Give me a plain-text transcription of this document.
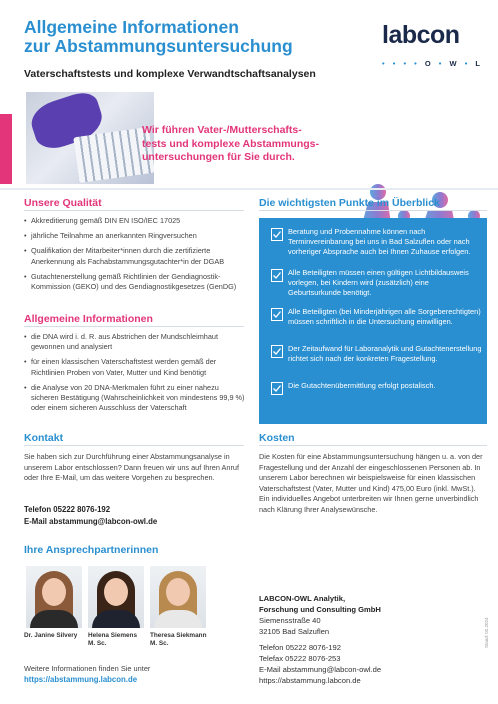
Allgemeine Informationen
zur Abstammungsuntersuchung
Vaterschaftstests und komplexe Verwandtschaftsanalysen
labcon
• • • • O • W • L
Wir führen Vater-/Mutterschafts-
tests und komplexe Abstammungs-
untersuchungen für Sie durch.
Unsere Qualität
• Akkreditierung gemäß DIN EN ISO/IEC 17025
• jährliche Teilnahme an anerkannten Ringversuchen
• Qualifikation der Mitarbeiter*innen durch die zertifizierte Anerkennung als Fachabstammungsgutachter*in der DGAB
• Gutachtenerstellung gemäß Richtlinien der Gendiagnostik-Kommission (GEKO) und des Gendiagnostikgesetzes (GenDG)
Allgemeine Informationen
• die DNA wird i. d. R. aus Abstrichen der Mundschleimhaut gewonnen und analysiert
• für einen klassischen Vaterschaftstest werden gemäß der Richtlinien Proben von Vater, Mutter und Kind benötigt
• die Analyse von 20 DNA-Merkmalen führt zu einer nahezu sicheren Bestätigung (Wahrscheinlichkeit von mindestens 99,9 %) oder einem sicheren Ausschluss der Vaterschaft
Die wichtigsten Punkte im Überblick
Beratung und Probennahme können nach Terminvereinbarung bei uns in Bad Salzuflen oder nach vorheriger Absprache auch bei Ihnen Zuhause erfolgen.
Alle Beteiligten müssen einen gültigen Lichtbildausweis vorlegen, bei Kindern wird (zusätzlich) eine Geburtsurkunde benötigt.
Alle Beteiligten (bei Minderjährigen alle Sorgeberechtigten) müssen schriftlich in die Untersuchung einwilligen.
Der Zeitaufwand für Laboranalytik und Gutachtenerstellung richtet sich nach der konkreten Fragestellung.
Die Gutachtenübermittlung erfolgt postalisch.
Kontakt
Sie haben sich zur Durchführung einer Abstammungsanalyse in unserem Labor entschlossen? Dann freuen wir uns auf Ihren Anruf oder Ihre E-Mail, um das weitere Vorgehen zu besprechen.
Telefon 05222 8076-192
E-Mail abstammung@labcon-owl.de
Kosten
Die Kosten für eine Abstammungsuntersuchung hängen u. a. von der Fragestellung und der Anzahl der eingeschlossenen Personen ab. In unserem Labor berechnen wir beispielsweise für einen klassischen Vaterschaftstest (Vater, Mutter und Kind) 475,00 Euro (inkl. MwSt.). Ein individuelles Angebot unterbreiten wir Ihnen gerne unverbindlich nach Klärung Ihrer Analysewünsche.
Ihre Ansprechpartnerinnen
Dr. Janine Silvery Helena Siemens
M. Sc.
Theresa Siekmann
M. Sc.
LABCON-OWL Analytik,
Forschung und Consulting GmbH
Siemensstraße 40
32105 Bad Salzuflen
Telefon 05222 8076-192
Telefax 05222 8076-253
E-Mail abstammung@labcon-owl.de
https://abstammung.labcon.de
Weitere Informationen finden Sie unter
https://abstammung.labcon.de
Stand: 02.2024
